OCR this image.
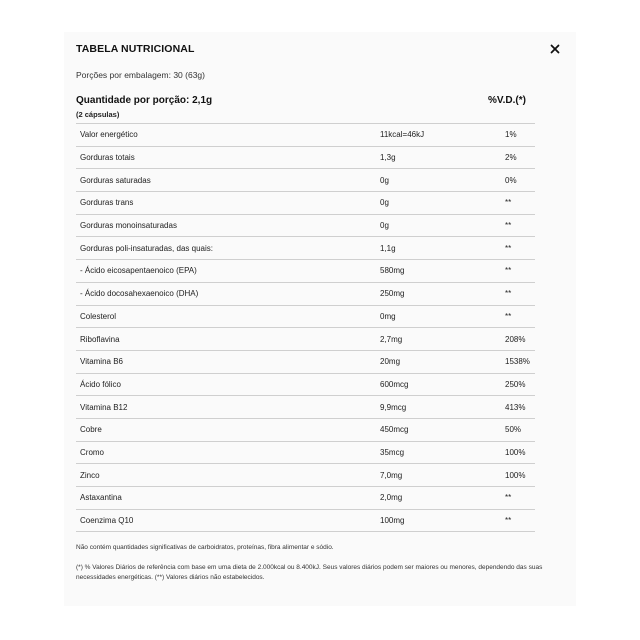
TABELA NUTRICIONAL
Porções por embalagem: 30 (63g)
Quantidade por porção: 2,1g
(2 cápsulas)
%V.D.(*)
Valor energético	11kcal=46kJ	1%
Gorduras totais	1,3g	2%
Gorduras saturadas	0g	0%
Gorduras trans	0g	**
Gorduras monoinsaturadas	0g	**
Gorduras poli-insaturadas, das quais:	1,1g	**
- Ácido eicosapentaenoico (EPA)	580mg	**
- Ácido docosahexaenoico (DHA)	250mg	**
Colesterol	0mg	**
Riboflavina	2,7mg	208%
Vitamina B6	20mg	1538%
Ácido fólico	600mcg	250%
Vitamina B12	9,9mcg	413%
Cobre	450mcg	50%
Cromo	35mcg	100%
Zinco	7,0mg	100%
Astaxantina	2,0mg	**
Coenzima Q10	100mg	**
Não contém quantidades significativas de carboidratos, proteínas, fibra alimentar e sódio.
(*) % Valores Diários de referência com base em uma dieta de 2.000kcal ou 8.400kJ. Seus valores diários podem ser maiores ou menores, dependendo das suas necessidades energéticas. (**) Valores diários não estabelecidos.
